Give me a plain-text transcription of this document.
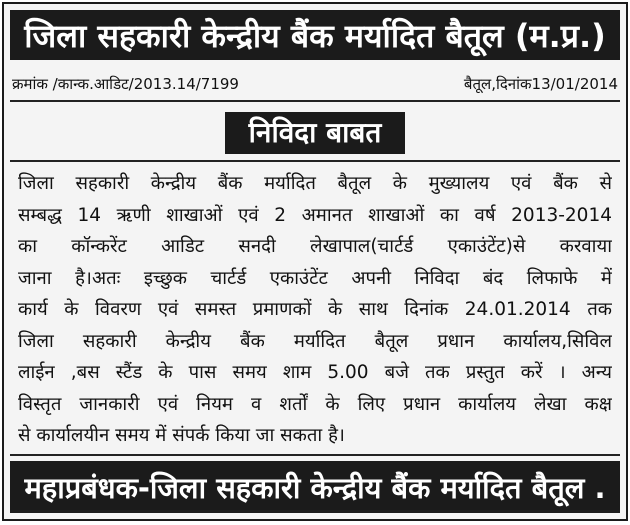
जिला सहकारी केन्द्रीय बैंक मर्यादित बैतूल (म.प्र.)
क्रमांक /कान्क.आडिट/2013.14/7199	बैतूल,दिनांक13/01/2014
निविदा बाबत
जिला सहकारी केन्द्रीय बैंक मर्यादित बैतूल के मुख्यालय एवं बैंक से
सम्बद्ध 14 ऋणी शाखाओं एवं 2 अमानत शाखाओं का वर्ष 2013-2014
का कॉन्करेंट आडिट सनदी लेखापाल(चार्टर्ड एकाउंटेंट)से करवाया
जाना है।अतः इच्छुक चार्टर्ड एकाउंटेंट अपनी निविदा बंद लिफाफे में
कार्य के विवरण एवं समस्त प्रमाणकों के साथ दिनांक 24.01.2014 तक
जिला सहकारी केन्द्रीय बैंक मर्यादित बैतूल प्रधान कार्यालय,सिविल
लाईन ,बस स्टैंड के पास समय शाम 5.00 बजे तक प्रस्तुत करें । अन्य
विस्तृत जानकारी एवं नियम व शर्तों के लिए प्रधान कार्यालय लेखा कक्ष
से कार्यालयीन समय में संपर्क किया जा सकता है।
महाप्रबंधक-जिला सहकारी केन्द्रीय बैंक मर्यादित बैतूल .
